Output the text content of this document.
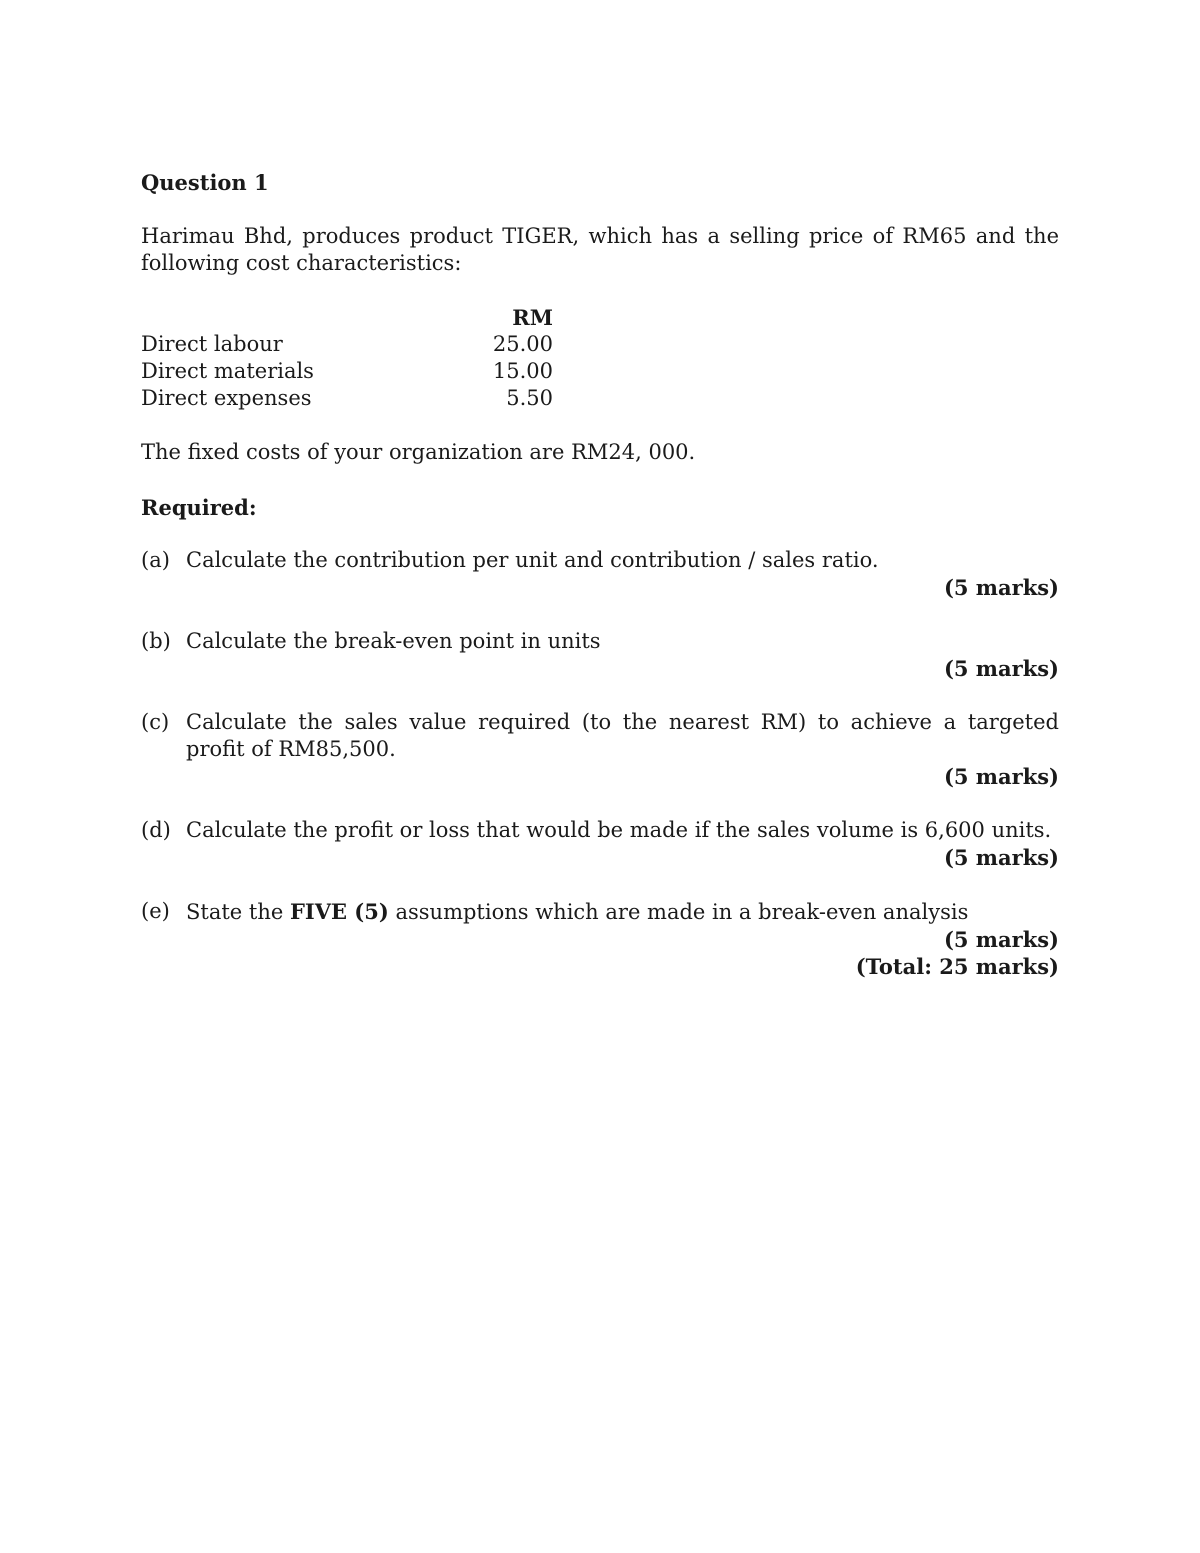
Question 1

Harimau Bhd, produces product TIGER, which has a selling price of RM65 and the following cost characteristics:

RM
Direct labour	25.00
Direct materials	15.00
Direct expenses	5.50

The fixed costs of your organization are RM24, 000.

Required:

(a) Calculate the contribution per unit and contribution / sales ratio.
(5 marks)
(b) Calculate the break-even point in units
(5 marks)
(c) Calculate the sales value required (to the nearest RM) to achieve a targeted profit of RM85,500.
(5 marks)
(d) Calculate the profit or loss that would be made if the sales volume is 6,600 units.
(5 marks)
(e) State the FIVE (5) assumptions which are made in a break-even analysis
(5 marks)
(Total: 25 marks)
